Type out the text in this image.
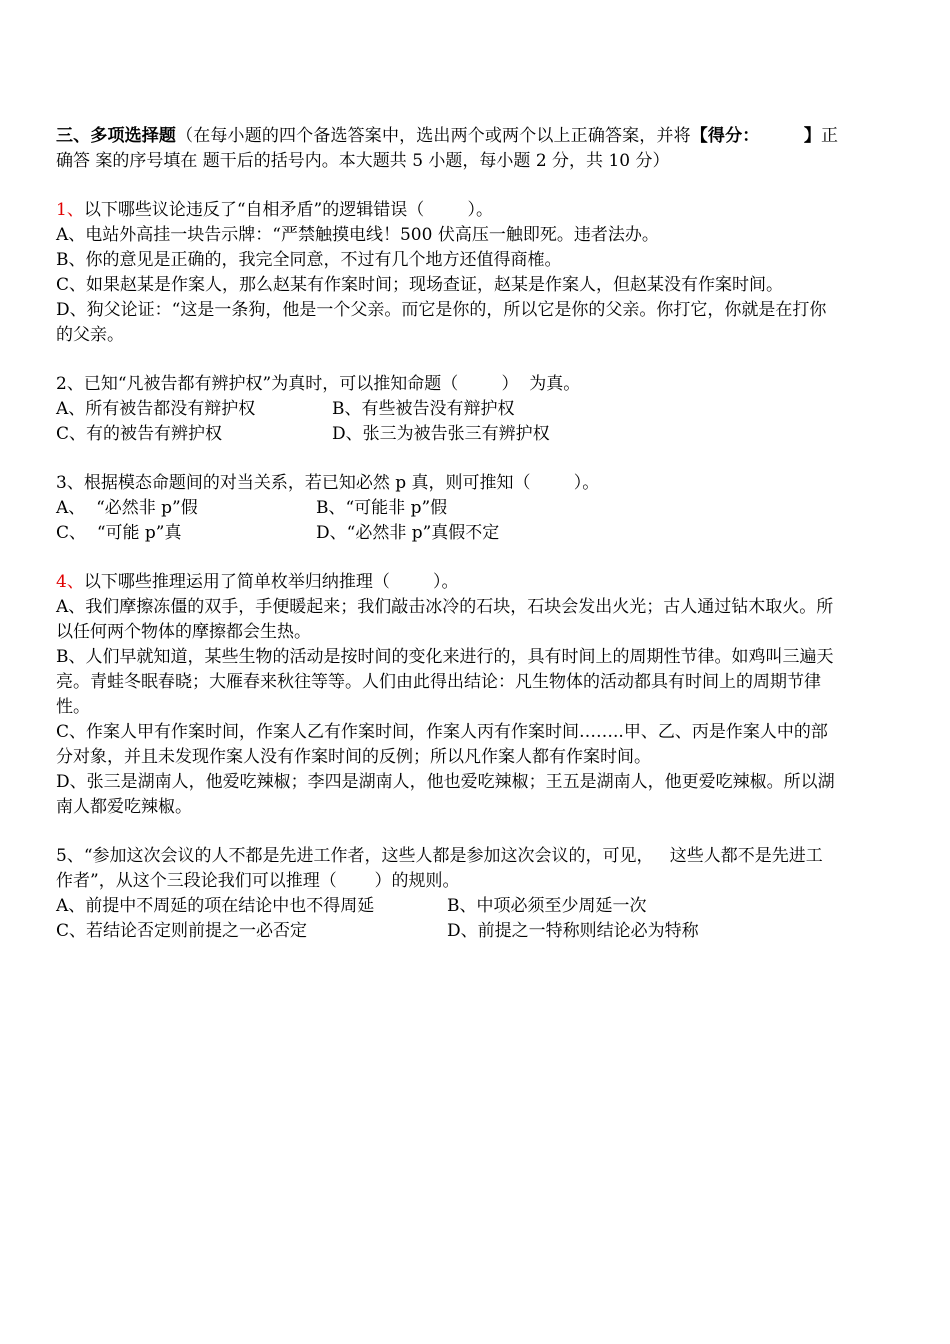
三、多项选择题（在每小题的四个备选答案中，选出两个或两个以上正确答案，并将【得分：	】正确答 案的序号填在 题干后的括号内。本大题共 5 小题，每小题 2 分，共 10 分）

1、以下哪些议论违反了“自相矛盾”的逻辑错误（        ）。

A、电站外高挂一块告示牌：“严禁触摸电线！500 伏高压一触即死。违者法办。

B、你的意见是正确的，我完全同意，不过有几个地方还值得商榷。

C、如果赵某是作案人，那么赵某有作案时间；现场查证，赵某是作案人，但赵某没有作案时间。

D、狗父论证：“这是一条狗，他是一个父亲。而它是你的，所以它是你的父亲。你打它，你就是在打你的父亲。

2、已知“凡被告都有辨护权”为真时，可以推知命题（        ）  为真。

A、所有被告都没有辩护权	B、有些被告没有辩护权
C、有的被告有辨护权	D、张三为被告张三有辨护权

3、根据模态命题间的对当关系，若已知必然 p 真，则可推知（        ）。

A、  “必然非 p”假	B、“可能非 p”假
C、  “可能 p”真	D、“必然非 p”真假不定

4、以下哪些推理运用了简单枚举归纳推理（        ）。

A、我们摩擦冻僵的双手，手便暖起来；我们敲击冰冷的石块，石块会发出火光；古人通过钻木取火。所以任何两个物体的摩擦都会生热。

B、人们早就知道，某些生物的活动是按时间的变化来进行的，具有时间上的周期性节律。如鸡叫三遍天亮。青蛙冬眠春晓；大雁春来秋往等等。人们由此得出结论：凡生物体的活动都具有时间上的周期节律性。

C、作案人甲有作案时间，作案人乙有作案时间，作案人丙有作案时间……..甲、乙、丙是作案人中的部分对象，并且未发现作案人没有作案时间的反例；所以凡作案人都有作案时间。

D、张三是湖南人，他爱吃辣椒；李四是湖南人，他也爱吃辣椒；王五是湖南人，他更爱吃辣椒。所以湖南人都爱吃辣椒。

5、“参加这次会议的人不都是先进工作者，这些人都是参加这次会议的，可见，   这些人都不是先进工作者”，从这个三段论我们可以推理（       ）的规则。

A、前提中不周延的项在结论中也不得周延	B、中项必须至少周延一次
C、若结论否定则前提之一必否定	D、前提之一特称则结论必为特称
